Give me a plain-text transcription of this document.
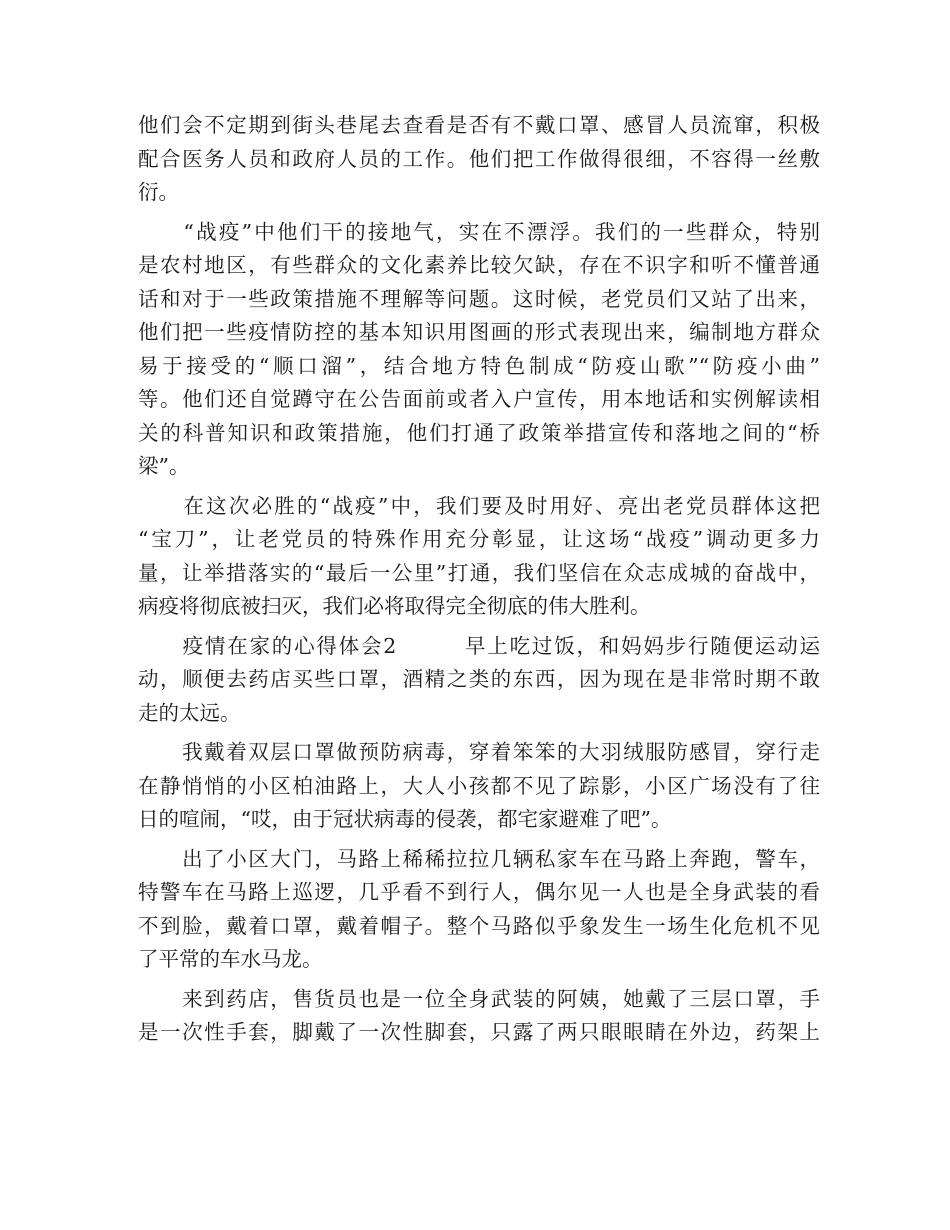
他们会不定期到街头巷尾去查看是否有不戴口罩、感冒人员流窜，积极
配合医务人员和政府人员的工作。他们把工作做得很细，不容得一丝敷
衍。
　　“战疫”中他们干的接地气，实在不漂浮。我们的一些群众，特别
是农村地区，有些群众的文化素养比较欠缺，存在不识字和听不懂普通
话和对于一些政策措施不理解等问题。这时候，老党员们又站了出来，
他们把一些疫情防控的基本知识用图画的形式表现出来，编制地方群众
易于接受的“顺口溜”，结合地方特色制成“防疫山歌”“防疫小曲”
等。他们还自觉蹲守在公告面前或者入户宣传，用本地话和实例解读相
关的科普知识和政策措施，他们打通了政策举措宣传和落地之间的“桥
梁”。
　　在这次必胜的“战疫”中，我们要及时用好、亮出老党员群体这把
“宝刀”，让老党员的特殊作用充分彰显，让这场“战疫”调动更多力
量，让举措落实的“最后一公里”打通，我们坚信在众志成城的奋战中，
病疫将彻底被扫灭，我们必将取得完全彻底的伟大胜利。
　　疫情在家的心得体会2　　　早上吃过饭，和妈妈步行随便运动运
动，顺便去药店买些口罩，酒精之类的东西，因为现在是非常时期不敢
走的太远。
　　我戴着双层口罩做预防病毒，穿着笨笨的大羽绒服防感冒，穿行走
在静悄悄的小区柏油路上，大人小孩都不见了踪影，小区广场没有了往
日的喧闹，“哎，由于冠状病毒的侵袭，都宅家避难了吧”。
　　出了小区大门，马路上稀稀拉拉几辆私家车在马路上奔跑，警车，
特警车在马路上巡逻，几乎看不到行人，偶尔见一人也是全身武装的看
不到脸，戴着口罩，戴着帽子。整个马路似乎象发生一场生化危机不见
了平常的车水马龙。
　　来到药店，售货员也是一位全身武装的阿姨，她戴了三层口罩，手
是一次性手套，脚戴了一次性脚套，只露了两只眼眼睛在外边，药架上
